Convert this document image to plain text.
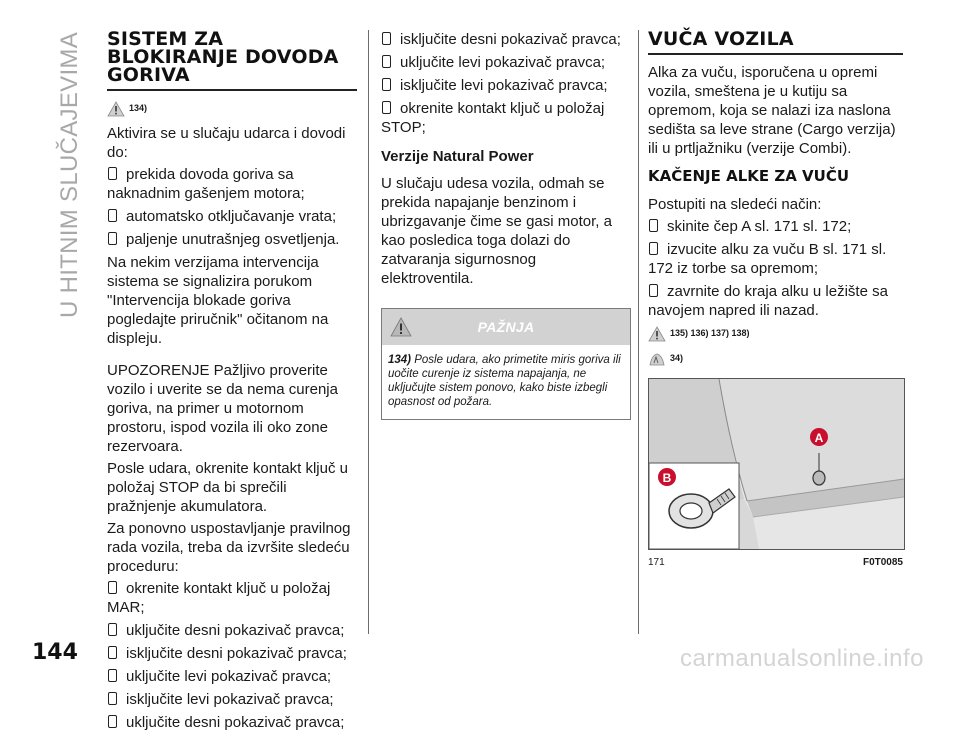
U HITNIM SLUČAJEVIMA
144	carmanualsonline.info
SISTEM ZA BLOKIRANJE DOVODA GORIVA
134)

Aktivira se u slučaju udarca i dovodi do:

prekida dovoda goriva sa naknadnim gašenjem motora;

automatsko otključavanje vrata;

paljenje unutrašnjeg osvetljenja.

Na nekim verzijama intervencija sistema se signalizira porukom "Intervencija blokade goriva pogledajte priručnik" očitanom na displeju.

UPOZORENJE Pažljivo proverite vozilo i uverite se da nema curenja goriva, na primer u motornom prostoru, ispod vozila ili oko zone rezervoara.

Posle udara, okrenite kontakt ključ u položaj STOP da bi sprečili pražnjenje akumulatora.

Za ponovno uspostavljanje pravilnog rada vozila, treba da izvršite sledeću proceduru:

okrenite kontakt ključ u položaj MAR;

uključite desni pokazivač pravca;

isključite desni pokazivač pravca;

uključite levi pokazivač pravca;

isključite levi pokazivač pravca;

uključite desni pokazivač pravca;

isključite desni pokazivač pravca;

uključite levi pokazivač pravca;

isključite levi pokazivač pravca;

okrenite kontakt ključ u položaj STOP;

Verzije Natural Power

U slučaju udesa vozila, odmah se prekida napajanje benzinom i ubrizgavanje čime se gasi motor, a kao posledica toga dolazi do zatvaranja sigurnosnog elektroventila.

PAŽNJA
134) Posle udara, ako primetite miris goriva ili uočite curenje iz sistema napajanja, ne uključujte sistem ponovo, kako biste izbegli opasnost od požara.
VUČA VOZILA

Alka za vuču, isporučena u opremi vozila, smeštena je u kutiju sa opremom, koja se nalazi iza naslona sedišta sa leve strane (Cargo verzija) ili u prtljažniku (verzije Combi).

KAČENJE ALKE ZA VUČU

Postupiti na sledeći način:

skinite čep A sl. 171 sl. 172;

izvucite alku za vuču B sl. 171 sl. 172 iz torbe sa opremom;

zavrnite do kraja alku u ležište sa navojem napred ili nazad.

135) 136) 137) 138)
34)
A
B
171	F0T0085
